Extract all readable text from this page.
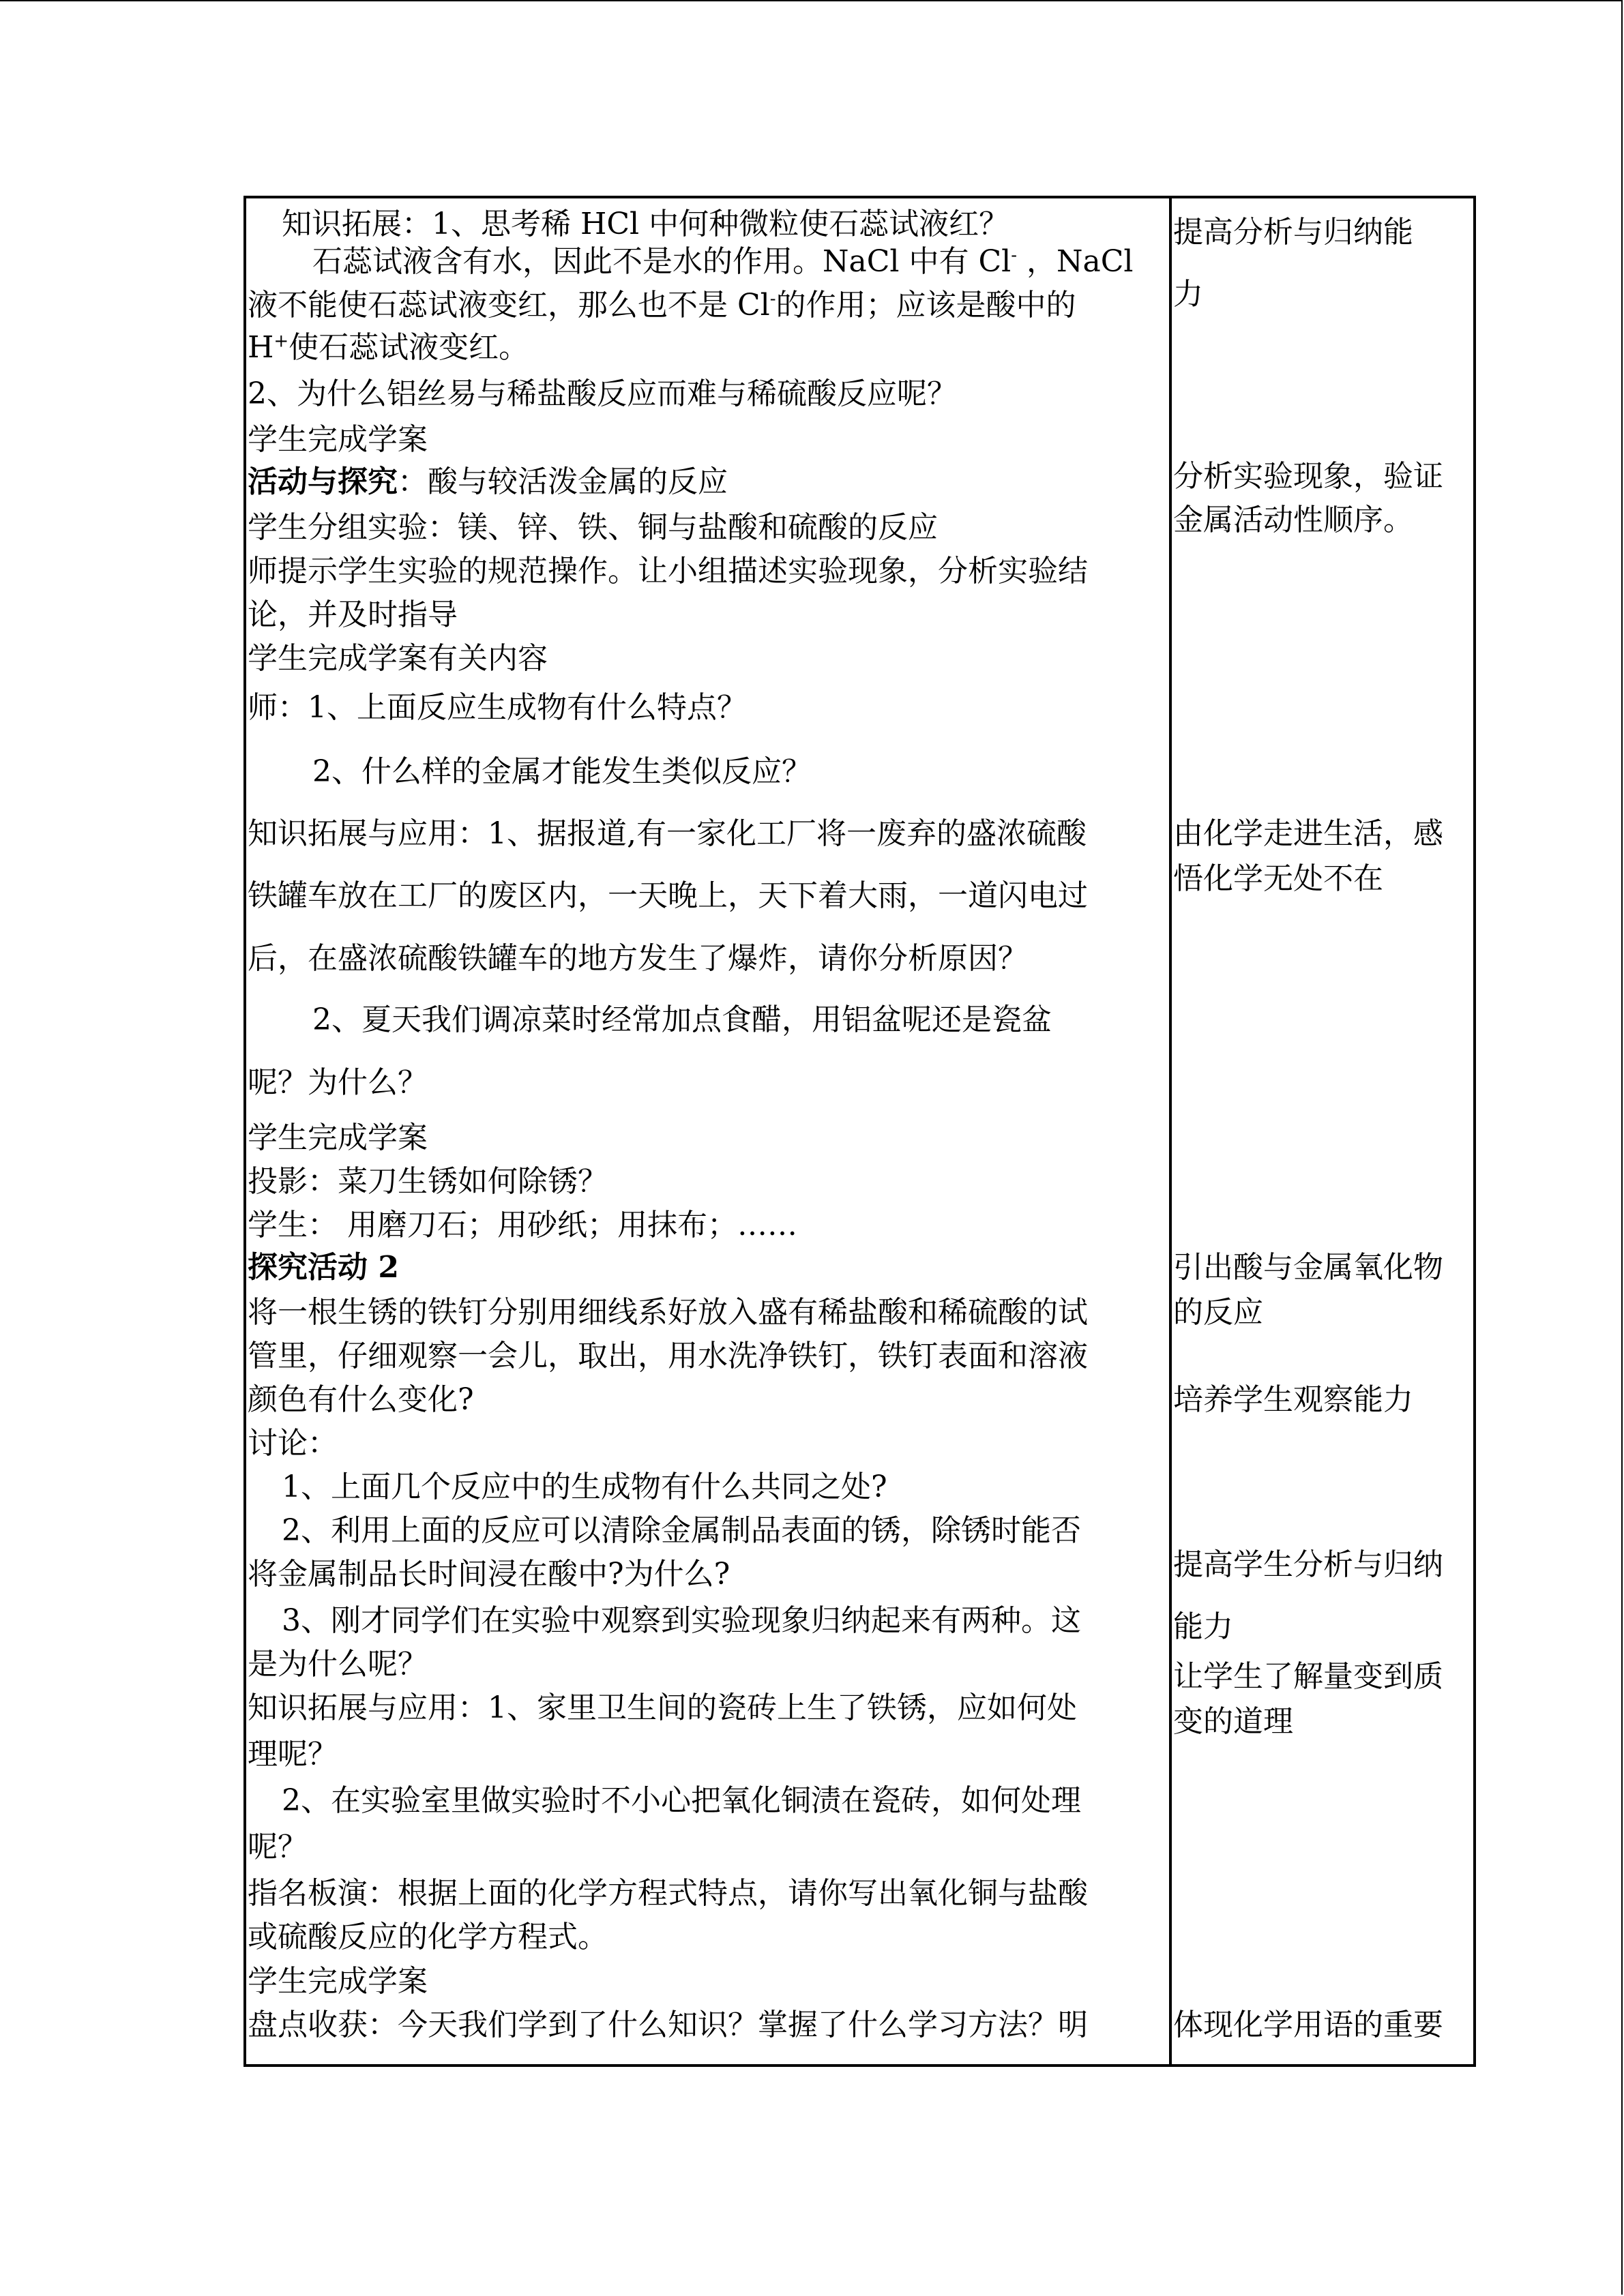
知识拓展：1、思考稀 HCl 中何种微粒使石蕊试液红？
石蕊试液含有水，因此不是水的作用。NaCl 中有 Cl- ，NaCl
液不能使石蕊试液变红，那么也不是 Cl-的作用；应该是酸中的
H+使石蕊试液变红。
2、为什么铝丝易与稀盐酸反应而难与稀硫酸反应呢？
学生完成学案
活动与探究：酸与较活泼金属的反应
学生分组实验：镁、锌、铁、铜与盐酸和硫酸的反应
师提示学生实验的规范操作。让小组描述实验现象，分析实验结
论，并及时指导
学生完成学案有关内容
师：1、上面反应生成物有什么特点？
2、什么样的金属才能发生类似反应？
知识拓展与应用：1、据报道,有一家化工厂将一废弃的盛浓硫酸
铁罐车放在工厂的废区内，一天晚上，天下着大雨，一道闪电过
后，在盛浓硫酸铁罐车的地方发生了爆炸，请你分析原因？
2、夏天我们调凉菜时经常加点食醋，用铝盆呢还是瓷盆
呢？为什么？
学生完成学案
投影：菜刀生锈如何除锈？
学生： 用磨刀石；用砂纸；用抹布；……
探究活动 2
将一根生锈的铁钉分别用细线系好放入盛有稀盐酸和稀硫酸的试
管里，仔细观察一会儿，取出，用水洗净铁钉，铁钉表面和溶液
颜色有什么变化?
讨论：
1、上面几个反应中的生成物有什么共同之处?
2、利用上面的反应可以清除金属制品表面的锈，除锈时能否
将金属制品长时间浸在酸中?为什么?
3、刚才同学们在实验中观察到实验现象归纳起来有两种。这
是为什么呢？
知识拓展与应用：1、家里卫生间的瓷砖上生了铁锈，应如何处
理呢？
2、在实验室里做实验时不小心把氧化铜渍在瓷砖，如何处理
呢？
指名板演：根据上面的化学方程式特点，请你写出氧化铜与盐酸
或硫酸反应的化学方程式。
学生完成学案
盘点收获：今天我们学到了什么知识？掌握了什么学习方法？明
提高分析与归纳能
力
分析实验现象，验证
金属活动性顺序。
由化学走进生活，感
悟化学无处不在
引出酸与金属氧化物
的反应
培养学生观察能力
提高学生分析与归纳
能力
让学生了解量变到质
变的道理
体现化学用语的重要
